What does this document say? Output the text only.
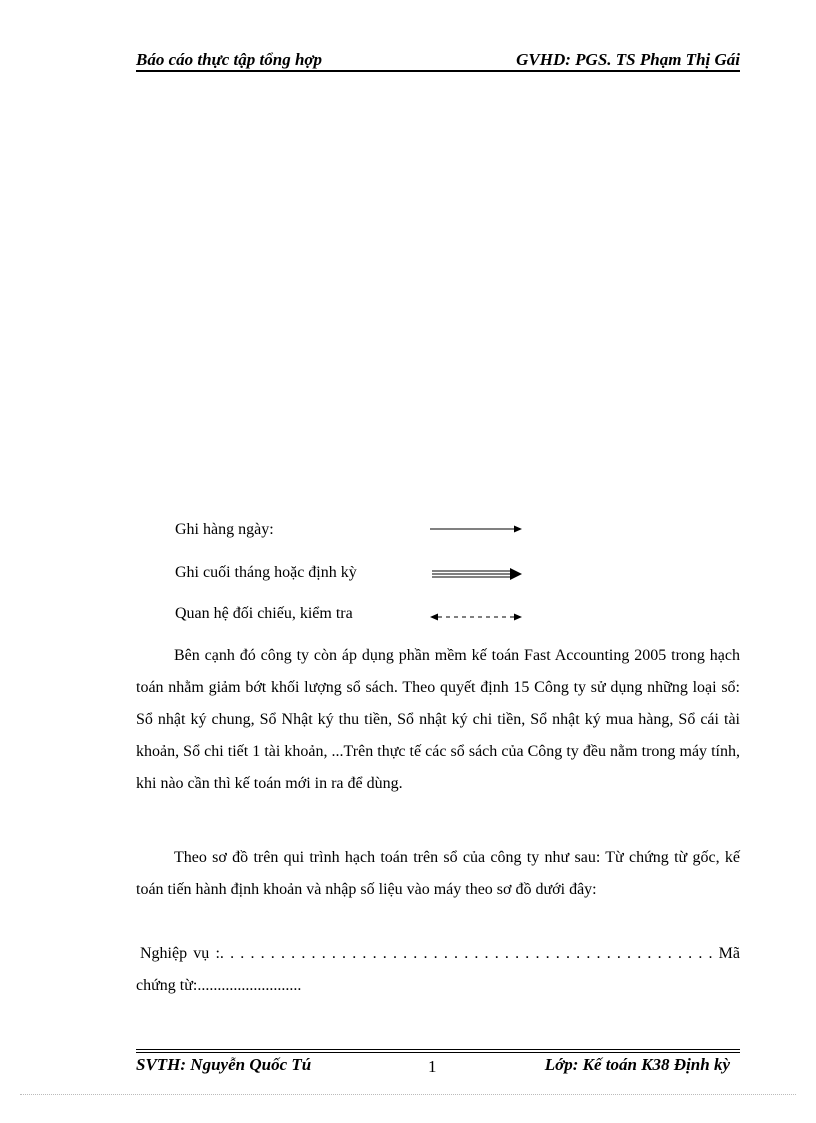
Báo cáo thực tập tổng hợp	GVHD: PGS. TS Phạm Thị Gái
Ghi hàng ngày:
Ghi cuối tháng hoặc định kỳ
Quan hệ đối chiếu, kiểm tra

Bên cạnh đó công ty còn áp dụng phần mềm kế toán Fast Accounting 2005 trong hạch toán nhằm giảm bớt khối lượng sổ sách. Theo quyết định 15 Công ty sử dụng những loại sổ: Sổ nhật ký chung, Sổ Nhật ký thu tiền, Sổ nhật ký chi tiền, Sổ nhật ký mua hàng, Sổ cái tài khoản, Sổ chi tiết 1 tài khoản, ...Trên thực tế các sổ sách của Công ty đều nằm trong máy tính, khi nào cần thì kế toán mới in ra để dùng.

Theo sơ đồ trên qui trình hạch toán trên sổ của công ty như sau: Từ chứng từ gốc, kế toán tiến hành định khoản và nhập số liệu vào máy theo sơ đồ dưới đây:

Nghiệp vụ :. . . . . . . . . . . . . . . . . . . . . . . . . . . . . . . . . . . . . . . . . . . . . . . . . Mã
chứng từ:..........................
SVTH: Nguyễn Quốc Tú	1	Lớp: Kế toán K38 Định kỳ
